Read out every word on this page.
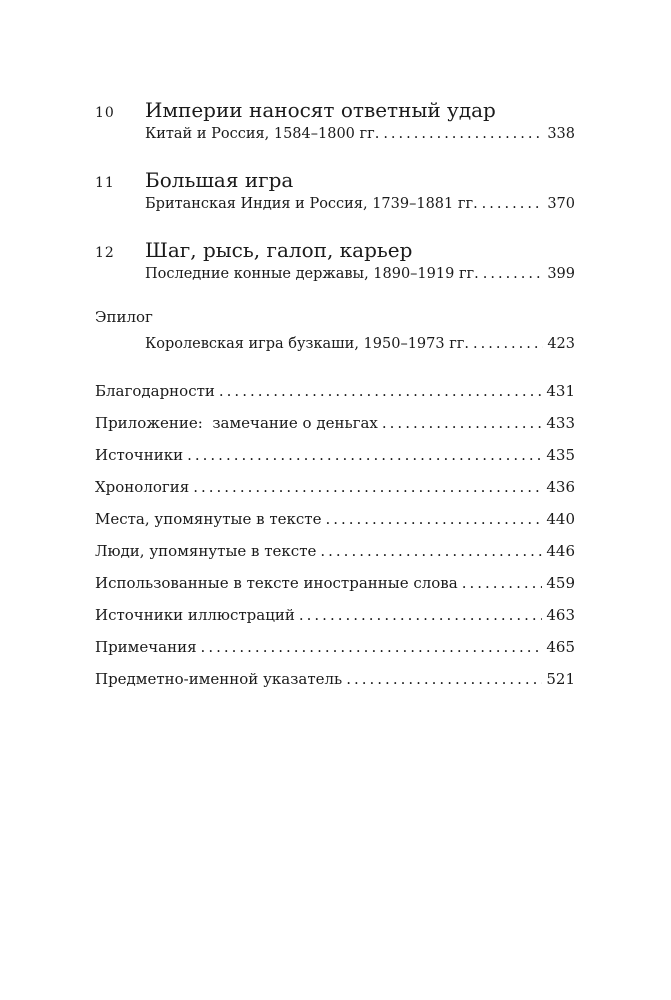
10	Империи наносят ответный удар
Китай и Россия, 1584–1800 гг. .....	338
11	Большая игра
Британская Индия и Россия, 1739–1881 гг. .....	370
12	Шаг, рысь, галоп, карьер
Последние конные державы, 1890–1919 гг. .....	399
Эпилог
Королевская игра бузкаши, 1950–1973 гг. .....	423
Благодарности .....	431
Приложение:  замечание о деньгах .....	433
Источники .....	435
Хронология .....	436
Места, упомянутые в тексте .....	440
Люди, упомянутые в тексте .....	446
Использованные в тексте иностранные слова .....	459
Источники иллюстраций .....	463
Примечания .....	465
Предметно-именной указатель .....	521
